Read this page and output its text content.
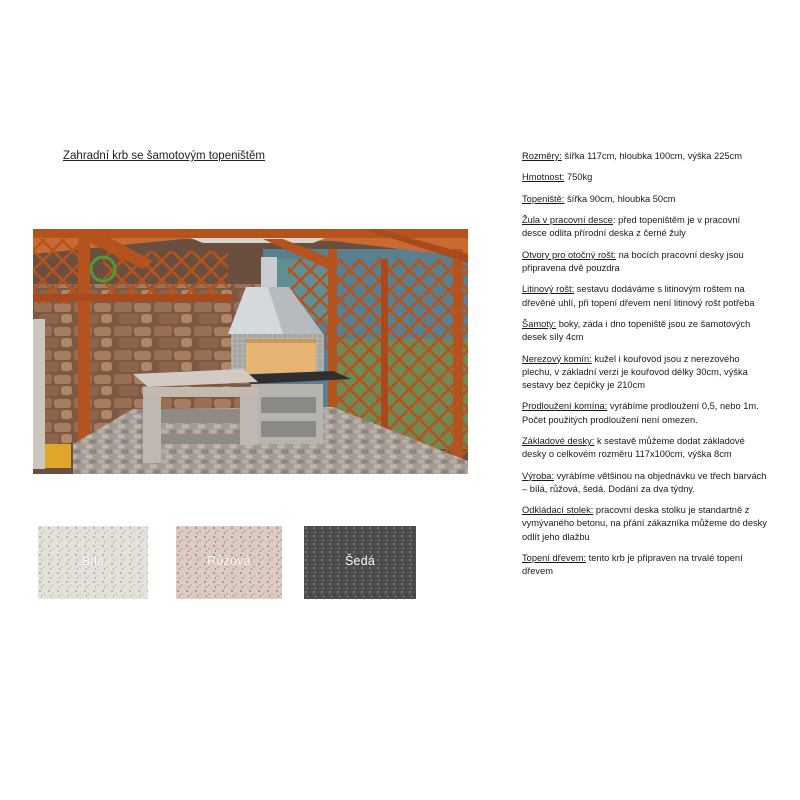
Zahradní krb se šamotovým topeništěm
Bílá	Růžová	Šedá

Rozměry: šířka 117cm, hloubka 100cm, výška 225cm

Hmotnost: 750kg

Topeniště: šířka 90cm, hloubka 50cm

Žula v pracovní desce: před topeništěm je v pracovní desce odlita přírodní deska z černé žuly

Otvory pro otočný rošt: na bocích pracovní desky jsou připravena dvě pouzdra

Litinový rošt: sestavu dodáváme s litinovým roštem na dřevěné uhlí, při topení dřevem není litinový rošt potřeba

Šamoty: boky, záda i dno topeniště jsou ze šamotových desek síly 4cm

Nerezový komín: kužel i kouřovod jsou z nerezového plechu, v základní verzi je kouřovod délky 30cm, výška sestavy bez čepičky je 210cm

Prodloužení komína: vyrábíme prodloužení 0,5, nebo 1m. Počet použitých prodloužení není omezen.

Základové desky: k sestavě můžeme dodat základové desky o celkovém rozměru 117x100cm, výška 8cm

Výroba: vyrábíme většinou na objednávku ve třech barvách – bílá, růžová, šedá. Dodání za dva týdny.

Odkládací stolek: pracovní deska stolku je standartně z vymývaného betonu, na přání zákazníka můžeme do desky odlít jeho dlažbu

Topení dřevem: tento krb je připraven na trvalé topení dřevem
